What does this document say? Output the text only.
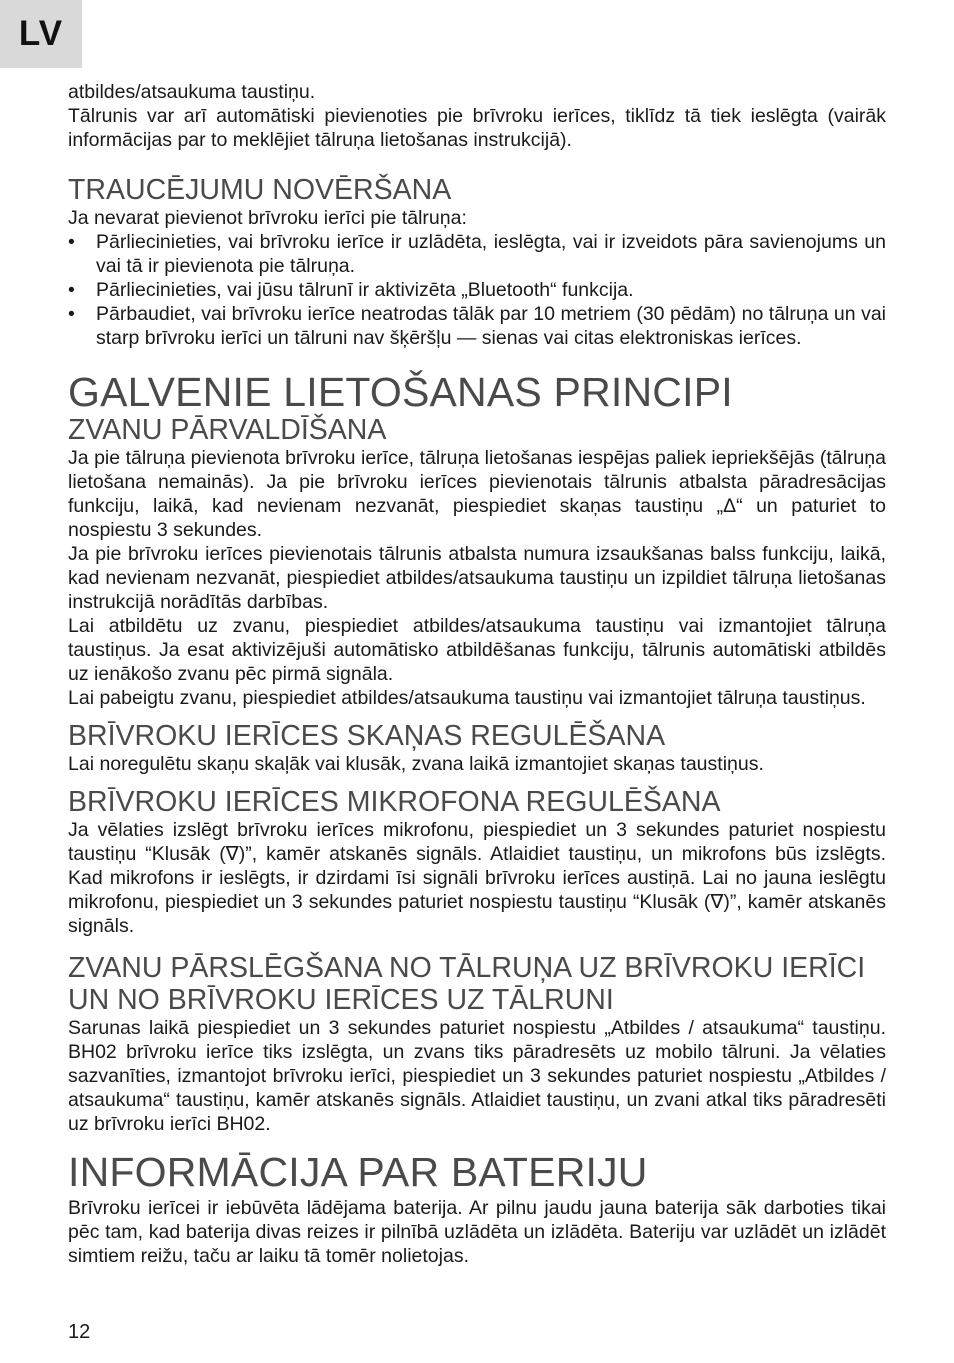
LV

atbildes/atsaukuma taustiņu.

Tālrunis var arī automātiski pievienoties pie brīvroku ierīces, tiklīdz tā tiek ieslēgta (vairāk informācijas par to meklējiet tālruņa lietošanas instrukcijā).

TRAUCĒJUMU NOVĒRŠANA

Ja nevarat pievienot brīvroku ierīci pie tālruņa:

• Pārliecinieties, vai brīvroku ierīce ir uzlādēta, ieslēgta, vai ir izveidots pāra savienojums un vai tā ir pievienota pie tālruņa.
• Pārliecinieties, vai jūsu tālrunī ir aktivizēta „Bluetooth“ funkcija.
• Pārbaudiet, vai brīvroku ierīce neatrodas tālāk par 10 metriem (30 pēdām) no tālruņa un vai starp brīvroku ierīci un tālruni nav šķēršļu — sienas vai citas elektroniskas ierīces.
GALVENIE LIETOŠANAS PRINCIPI
ZVANU PĀRVALDĪŠANA

Ja pie tālruņa pievienota brīvroku ierīce, tālruņa lietošanas iespējas paliek iepriekšējās (tālruņa lietošana nemainās). Ja pie brīvroku ierīces pievienotais tālrunis atbalsta pāradresācijas funkciju, laikā, kad nevienam nezvanāt, piespiediet skaņas taustiņu „Δ“ un paturiet to nospiestu 3 sekundes.

Ja pie brīvroku ierīces pievienotais tālrunis atbalsta numura izsaukšanas balss funkciju, laikā, kad nevienam nezvanāt, piespiediet atbildes/atsaukuma taustiņu un izpildiet tālruņa lietošanas instrukcijā norādītās darbības.

Lai atbildētu uz zvanu, piespiediet atbildes/atsaukuma taustiņu vai izmantojiet tālruņa taustiņus. Ja esat aktivizējuši automātisko atbildēšanas funkciju, tālrunis automātiski atbildēs uz ienākošo zvanu pēc pirmā signāla.

Lai pabeigtu zvanu, piespiediet atbildes/atsaukuma taustiņu vai izmantojiet tālruņa taustiņus.

BRĪVROKU IERĪCES SKAŅAS REGULĒŠANA

Lai noregulētu skaņu skaļāk vai klusāk, zvana laikā izmantojiet skaņas taustiņus.

BRĪVROKU IERĪCES MIKROFONA REGULĒŠANA

Ja vēlaties izslēgt brīvroku ierīces mikrofonu, piespiediet un 3 sekundes paturiet nospiestu taustiņu “Klusāk (∇)”, kamēr atskanēs signāls. Atlaidiet taustiņu, un mikrofons būs izslēgts. Kad mikrofons ir ieslēgts, ir dzirdami īsi signāli brīvroku ierīces austiņā. Lai no jauna ieslēgtu mikrofonu, piespiediet un 3 sekundes paturiet nospiestu taustiņu “Klusāk (∇)”, kamēr atskanēs signāls.

ZVANU PĀRSLĒGŠANA NO TĀLRUŅA UZ BRĪVROKU IERĪCI UN NO BRĪVROKU IERĪCES UZ TĀLRUNI

Sarunas laikā piespiediet un 3 sekundes paturiet nospiestu „Atbildes / atsaukuma“ taustiņu. BH02 brīvroku ierīce tiks izslēgta, un zvans tiks pāradresēts uz mobilo tālruni. Ja vēlaties sazvanīties, izmantojot brīvroku ierīci, piespiediet un 3 sekundes paturiet nospiestu „Atbildes / atsaukuma“ taustiņu, kamēr atskanēs signāls. Atlaidiet taustiņu, un zvani atkal tiks pāradresēti uz brīvroku ierīci BH02.

INFORMĀCIJA PAR BATERIJU

Brīvroku ierīcei ir iebūvēta lādējama baterija. Ar pilnu jaudu jauna baterija sāk darboties tikai pēc tam, kad baterija divas reizes ir pilnībā uzlādēta un izlādēta. Bateriju var uzlādēt un izlādēt simtiem reižu, taču ar laiku tā tomēr nolietojas.

12
